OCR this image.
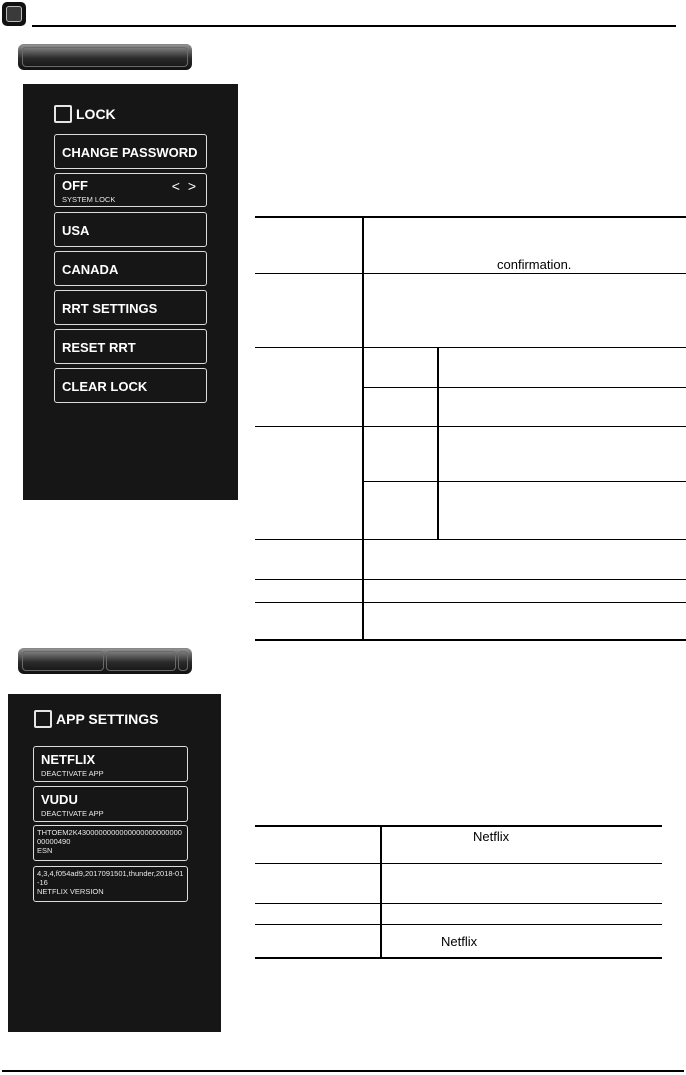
LOCK
CHANGE PASSWORD
OFF
SYSTEM LOCK
< >
USA
CANADA
RRT SETTINGS
RESET RRT
CLEAR LOCK
confirmation.
APP SETTINGS
NETFLIX
DEACTIVATE APP
VUDU
DEACTIVATE APP
THTOEM2K430000000000000000000000000000490
ESN
4,3,4,f054ad9,2017091501,thunder,2018-01-16
NETFLIX VERSION
Netflix
Netflix
